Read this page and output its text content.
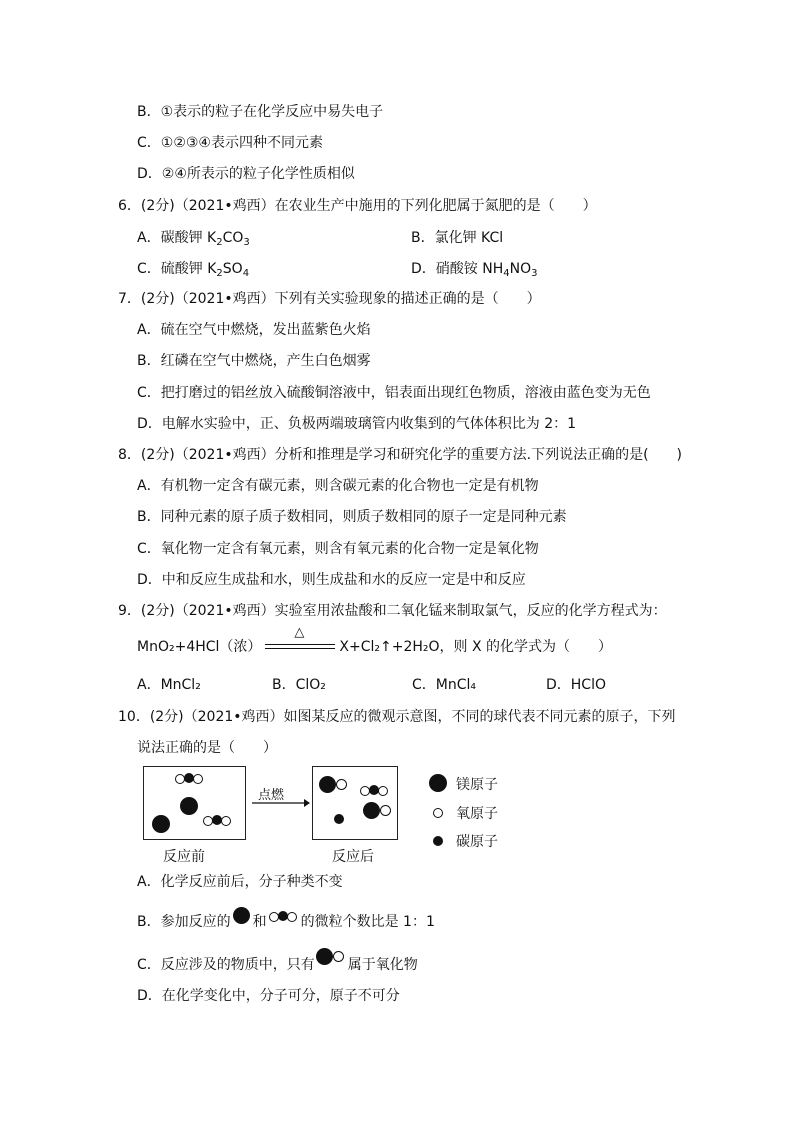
B．①表示的粒子在化学反应中易失电子
C．①②③④表示四种不同元素
D．②④所表示的粒子化学性质相似
6．(2分)（2021•鸡西）在农业生产中施用的下列化肥属于氮肥的是（　　）
A．碳酸钾 $K_2CO_3$	B．氯化钾 KCl
C．硫酸钾 $K_2SO_4$	D．硝酸铵 $NH_4NO_3$
7．(2分)（2021•鸡西）下列有关实验现象的描述正确的是（　　）
A．硫在空气中燃烧，发出蓝紫色火焰
B．红磷在空气中燃烧，产生白色烟雾
C．把打磨过的铝丝放入硫酸铜溶液中，铝表面出现红色物质，溶液由蓝色变为无色
D．电解水实验中，正、负极两端玻璃管内收集到的气体体积比为 2：1
8．(2分)（2021•鸡西）分析和推理是学习和研究化学的重要方法.下列说法正确的是(　　)
A．有机物一定含有碳元素，则含碳元素的化合物也一定是有机物
B．同种元素的原子质子数相同，则质子数相同的原子一定是同种元素
C．氧化物一定含有氧元素，则含有氧元素的化合物一定是氧化物
D．中和反应生成盐和水，则生成盐和水的反应一定是中和反应
9．(2分)（2021•鸡西）实验室用浓盐酸和二氧化锰来制取氯气，反应的化学方程式为：
MnO₂+4HCl（浓）
△
X+Cl₂↑+2H₂O，则 X 的化学式为（　　）
A．MnCl₂	B．ClO₂	C．MnCl₄	D．HClO
10．(2分)（2021•鸡西）如图某反应的微观示意图，不同的球代表不同元素的原子，下列
说法正确的是（　　）
点燃
反应前	反应后
镁原子
氧原子
碳原子
A．化学反应前后，分子种类不变
B．参加反应的 和 的微粒个数比是 1：1
C．反应涉及的物质中，只有 属于氧化物
D．在化学变化中，分子可分，原子不可分
